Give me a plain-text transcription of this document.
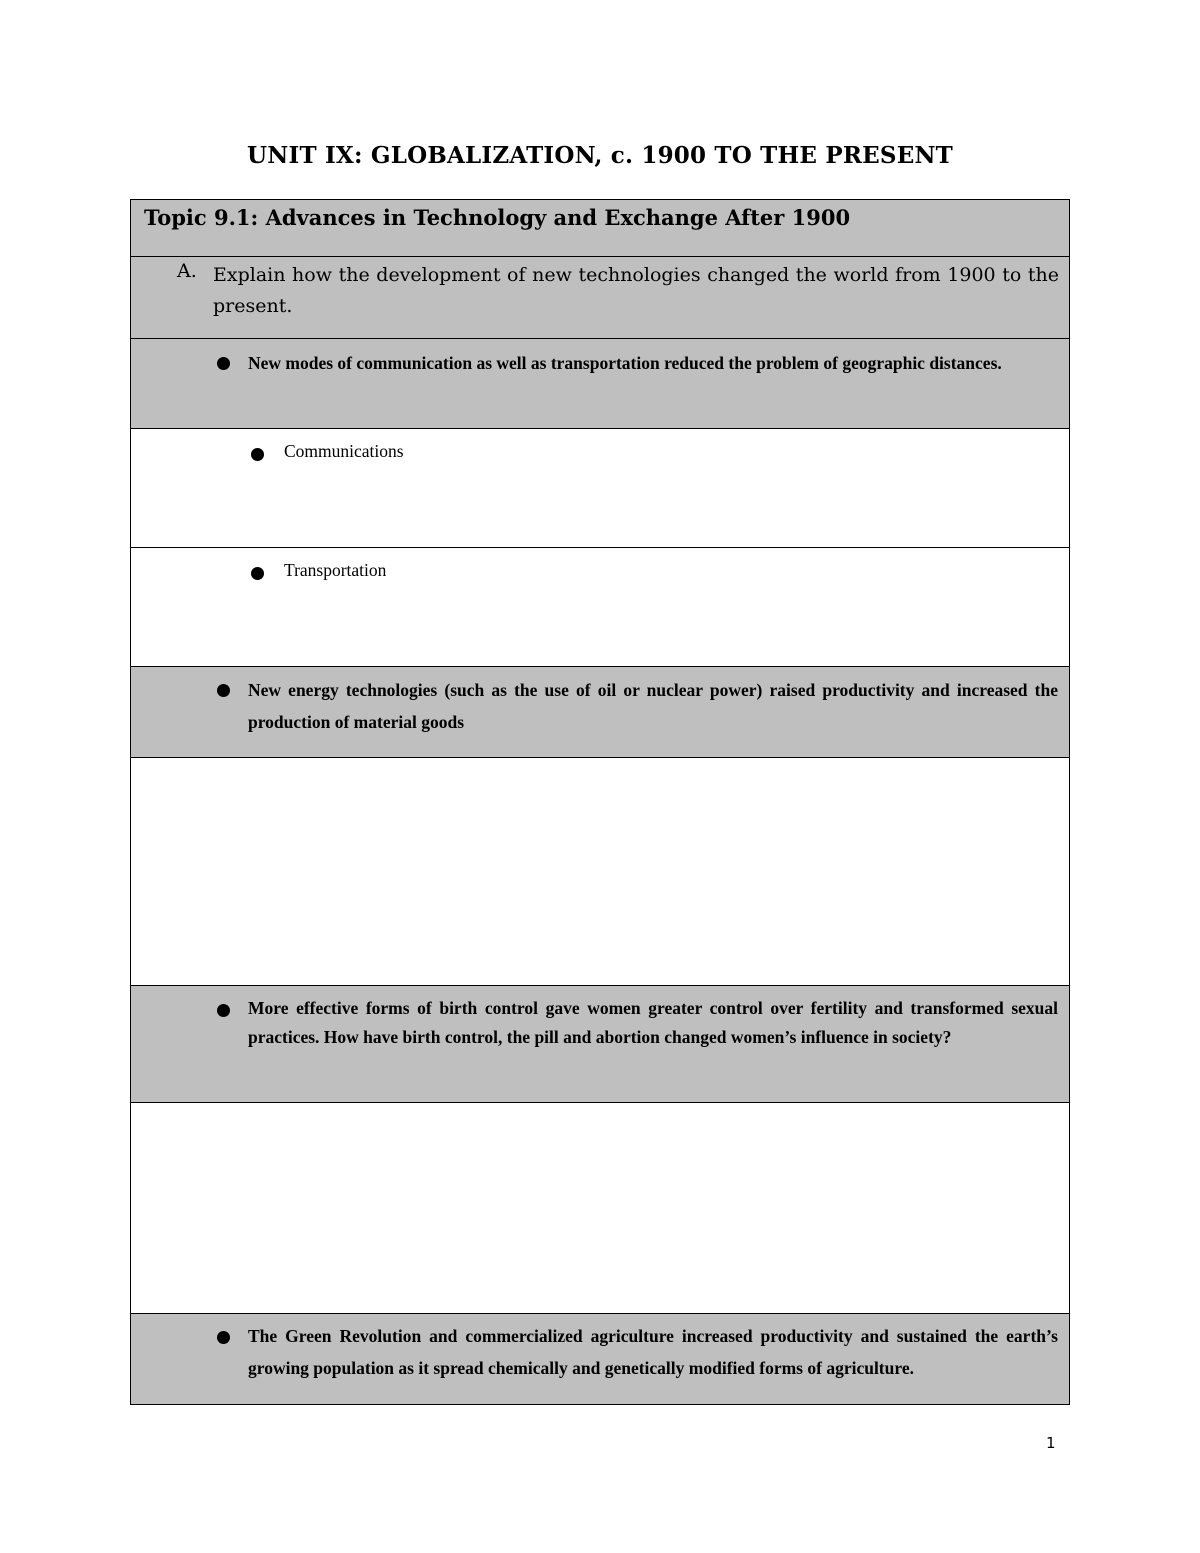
UNIT IX: GLOBALIZATION, c. 1900 TO THE PRESENT
Topic 9.1: Advances in Technology and Exchange After 1900
A. Explain how the development of new technologies changed the world from 1900 to the present.
New modes of communication as well as transportation reduced the problem of geographic distances.
Communications
Transportation
New energy technologies (such as the use of oil or nuclear power) raised productivity and increased the production of material goods
More effective forms of birth control gave women greater control over fertility and transformed sexual practices. How have birth control, the pill and abortion changed women’s influence in society?
The Green Revolution and commercialized agriculture increased productivity and sustained the earth’s growing population as it spread chemically and genetically modified forms of agriculture.
1
